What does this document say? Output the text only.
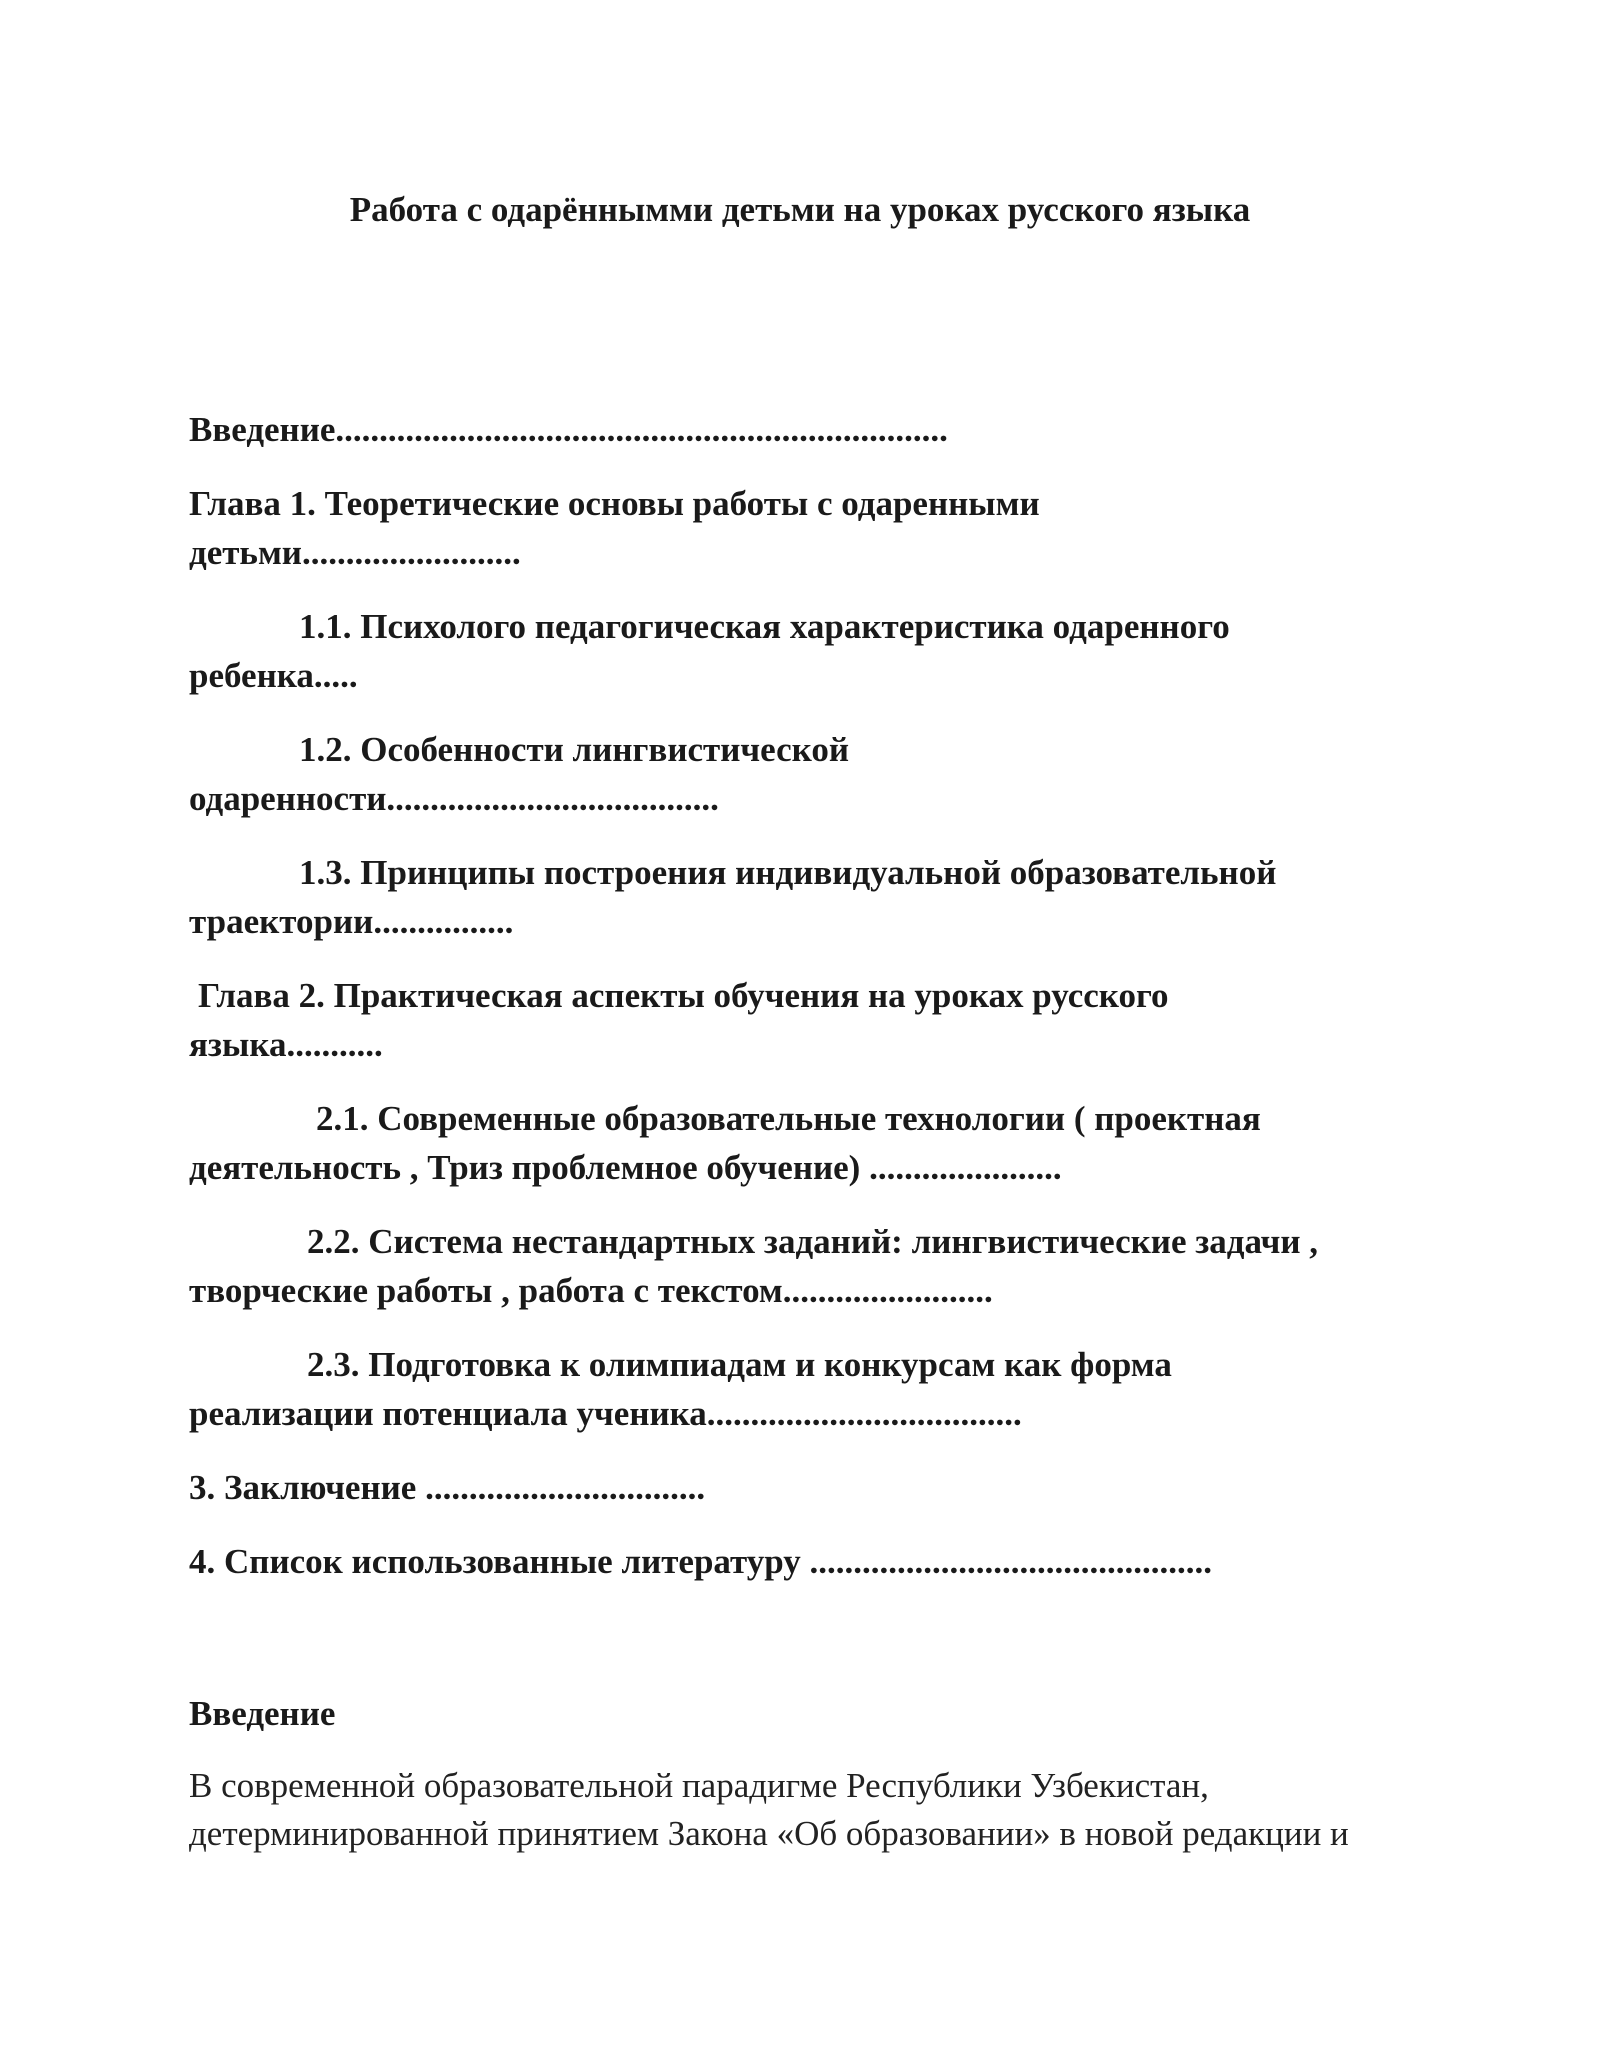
Работа с одарённымми детьми на уроках русского языка
Введение......................................................................
Глава 1. Теоретические основы работы с одаренными
детьми.........................
1.1. Психолого педагогическая характеристика одаренного
ребенка.....
1.2. Особенности лингвистической
одаренности......................................
1.3. Принципы построения индивидуальной образовательной
траектории................
Глава 2. Практическая аспекты обучения на уроках русского
языка...........
2.1. Современные образовательные технологии ( проектная
деятельность , Триз проблемное обучение) ......................
2.2. Система нестандартных заданий: лингвистические задачи ,
творческие работы , работа с текстом........................
2.3. Подготовка к олимпиадам и конкурсам как форма
реализации потенциала ученика....................................
3. Заключение ................................
4. Список использованные литературу ..............................................
Введение

В современной образовательной парадигме Республики Узбекистан,
детерминированной принятием Закона «Об образовании» в новой редакции и
